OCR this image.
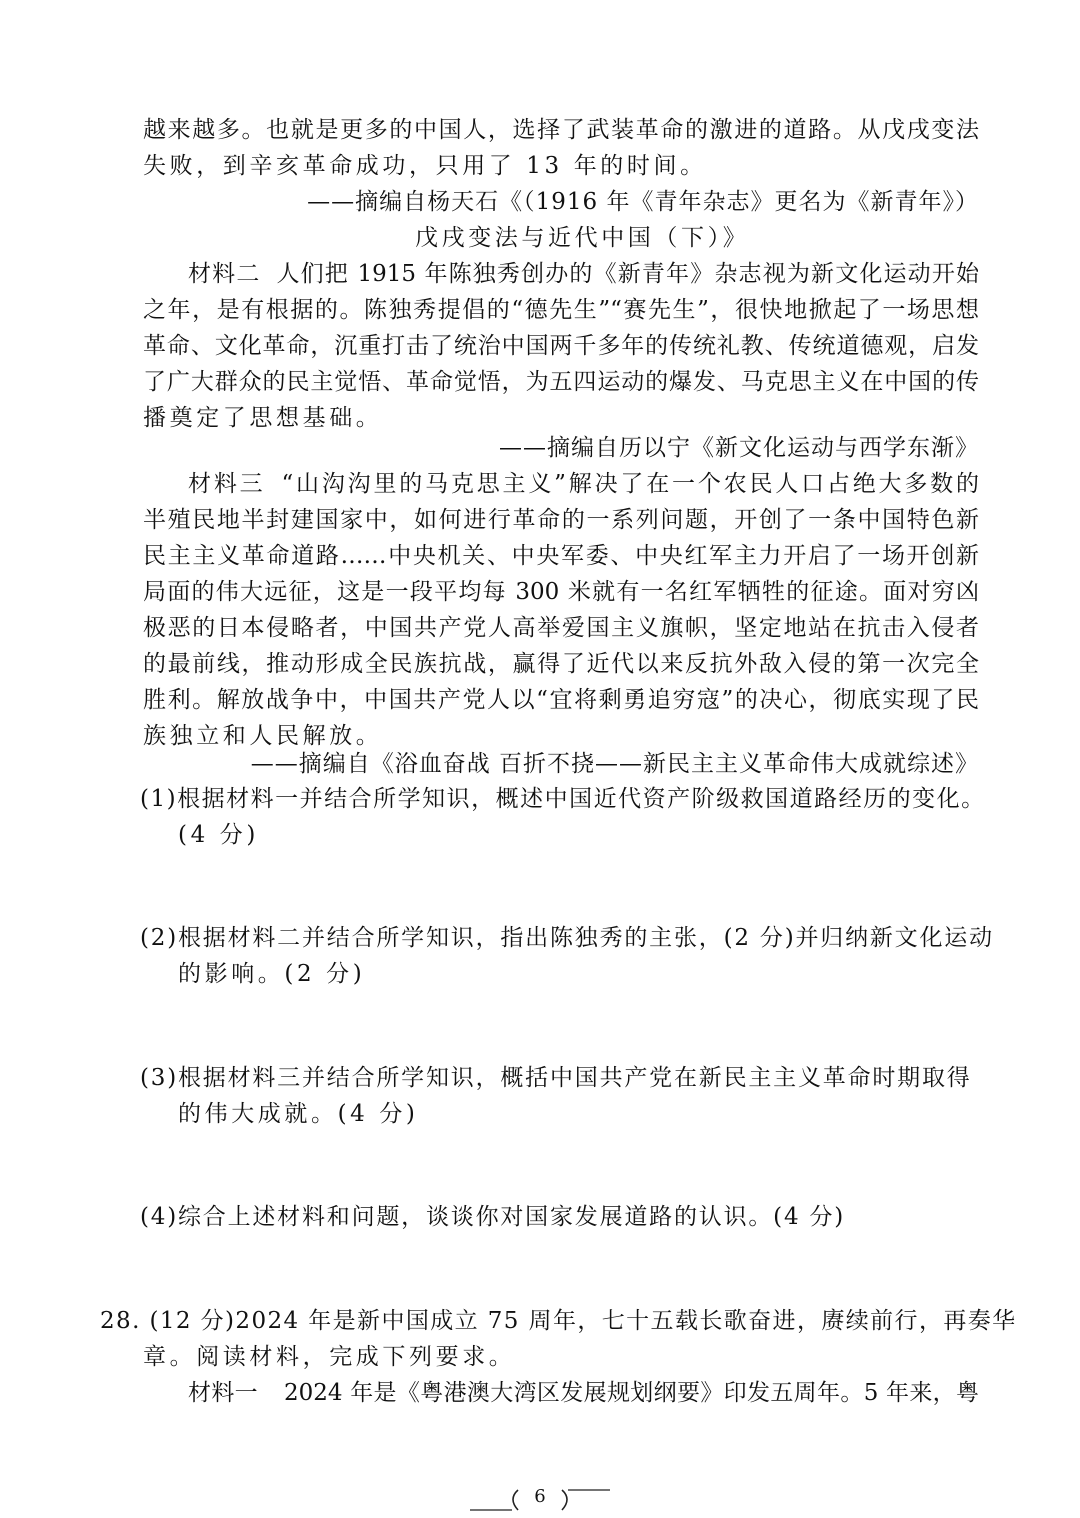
越来越多。也就是更多的中国人，选择了武装革命的激进的道路。从戊戌变法
失败，到辛亥革命成功，只用了 13 年的时间。
——摘编自杨天石《（1916 年《青年杂志》更名为《新青年》）
戊戌变法与近代中国（下）》
材料二 人们把 1915 年陈独秀创办的《新青年》杂志视为新文化运动开始
之年，是有根据的。陈独秀提倡的“德先生”“赛先生”，很快地掀起了一场思想
革命、文化革命，沉重打击了统治中国两千多年的传统礼教、传统道德观，启发
了广大群众的民主觉悟、革命觉悟，为五四运动的爆发、马克思主义在中国的传
播奠定了思想基础。
——摘编自历以宁《新文化运动与西学东渐》
材料三 “山沟沟里的马克思主义”解决了在一个农民人口占绝大多数的
半殖民地半封建国家中，如何进行革命的一系列问题，开创了一条中国特色新
民主主义革命道路……中央机关、中央军委、中央红军主力开启了一场开创新
局面的伟大远征，这是一段平均每 300 米就有一名红军牺牲的征途。面对穷凶
极恶的日本侵略者，中国共产党人高举爱国主义旗帜，坚定地站在抗击入侵者
的最前线，推动形成全民族抗战，赢得了近代以来反抗外敌入侵的第一次完全
胜利。解放战争中，中国共产党人以“宜将剩勇追穷寇”的决心，彻底实现了民
族独立和人民解放。
——摘编自《浴血奋战 百折不挠——新民主主义革命伟大成就综述》
(1)根据材料一并结合所学知识，概述中国近代资产阶级救国道路经历的变化。
(4 分)
(2)根据材料二并结合所学知识，指出陈独秀的主张，(2 分)并归纳新文化运动
的影响。(2 分)
(3)根据材料三并结合所学知识，概括中国共产党在新民主主义革命时期取得
的伟大成就。(4 分)
(4)综合上述材料和问题，谈谈你对国家发展道路的认识。(4 分)
28. (12 分)2024 年是新中国成立 75 周年，七十五载长歌奋进，赓续前行，再奏华
章。阅读材料，完成下列要求。
材料一 2024 年是《粤港澳大湾区发展规划纲要》印发五周年。5 年来，粤
6
